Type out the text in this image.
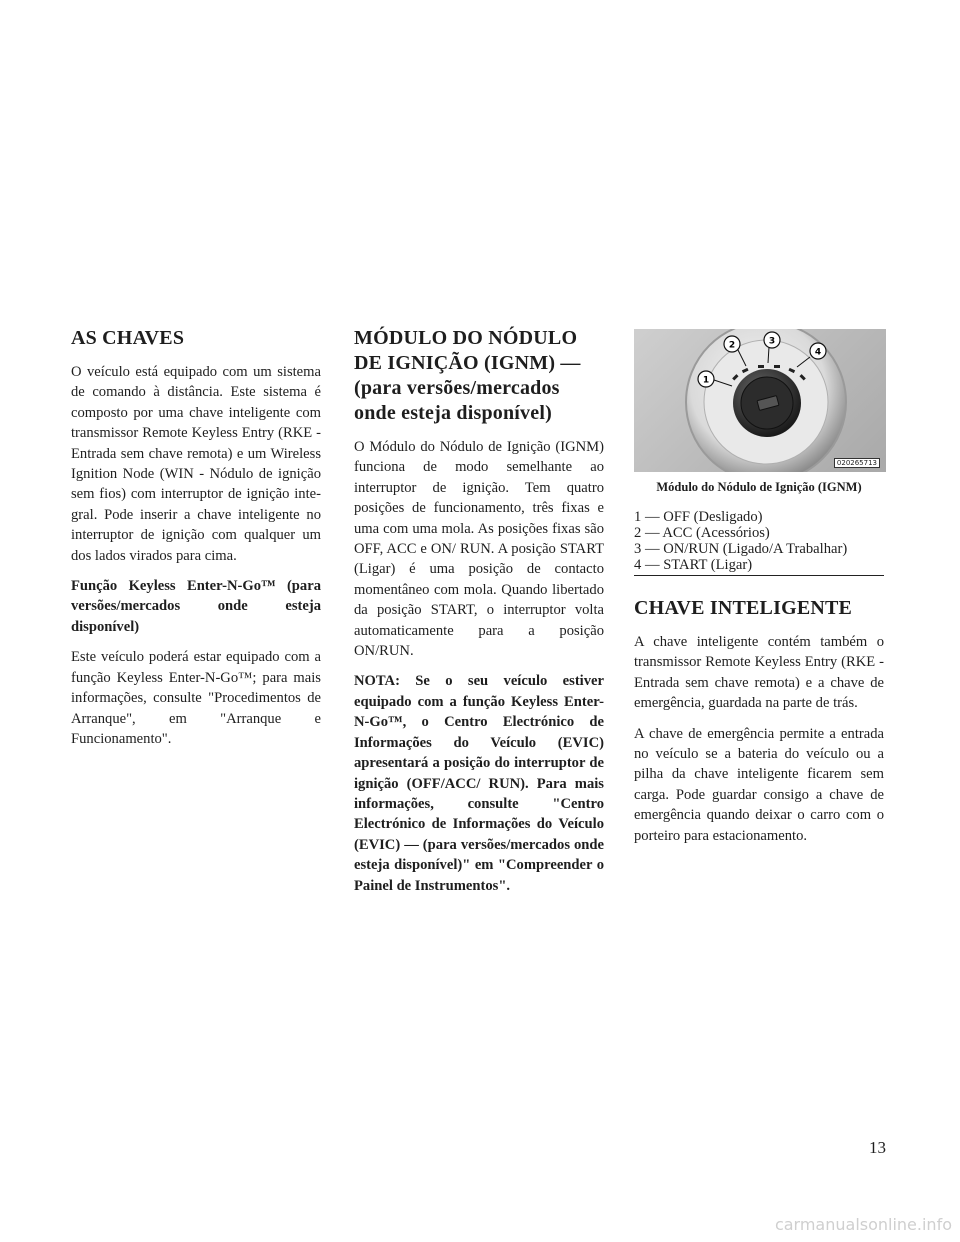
AS CHAVES

O veículo está equipado com um sistema de comando à distância. Este sistema é composto por uma chave inteligente com transmissor Remote Keyless Entry (RKE - Entrada sem chave remota) e um Wireless Ignition Node (WIN - Nódulo de ignição sem fios) com interruptor de ignição integral. Pode inserir a chave inteligente no interruptor de ignição com qualquer um dos lados virados para cima.

Função Keyless Enter-N-Go™ (para versões/mercados onde esteja disponível)

Este veículo poderá estar equipado com a função Keyless Enter-N-Go™; para mais informações, consulte "Procedimentos de Arranque", em "Arranque e Funcionamento".

MÓDULO DO NÓDULO DE IGNIÇÃO (IGNM) — (para versões/mercados onde esteja disponível)

O Módulo do Nódulo de Ignição (IGNM) funciona de modo semelhante ao interruptor de ignição. Tem quatro posições de funcionamento, três fixas e uma com uma mola. As posições fixas são OFF, ACC e ON/ RUN. A posição START (Ligar) é uma posição de contacto momentâneo com mola. Quando libertado da posição START, o interruptor volta automaticamente para a posição ON/RUN.

NOTA: Se o seu veículo estiver equipado com a função Keyless Enter-N-Go™, o Centro Electrónico de Informações do Veículo (EVIC) apresentará a posição do interruptor de ignição (OFF/ACC/ RUN). Para mais informações, consulte "Centro Electrónico de Informações do Veículo (EVIC) — (para versões/mercados onde esteja disponível)" em "Compreender o Painel de Instrumentos".

1
2	3
4
020265713
Módulo do Nódulo de Ignição (IGNM)
1 — OFF (Desligado)
2 — ACC (Acessórios)
3 — ON/RUN (Ligado/A Trabalhar)
4 — START (Ligar)
CHAVE INTELIGENTE

A chave inteligente contém também o transmissor Remote Keyless Entry (RKE - Entrada sem chave remota) e a chave de emergência, guardada na parte de trás.

A chave de emergência permite a entrada no veículo se a bateria do veículo ou a pilha da chave inteligente ficarem sem carga. Pode guardar consigo a chave de emergência quando deixar o carro com o porteiro para estacionamento.

13
carmanualsonline.info
